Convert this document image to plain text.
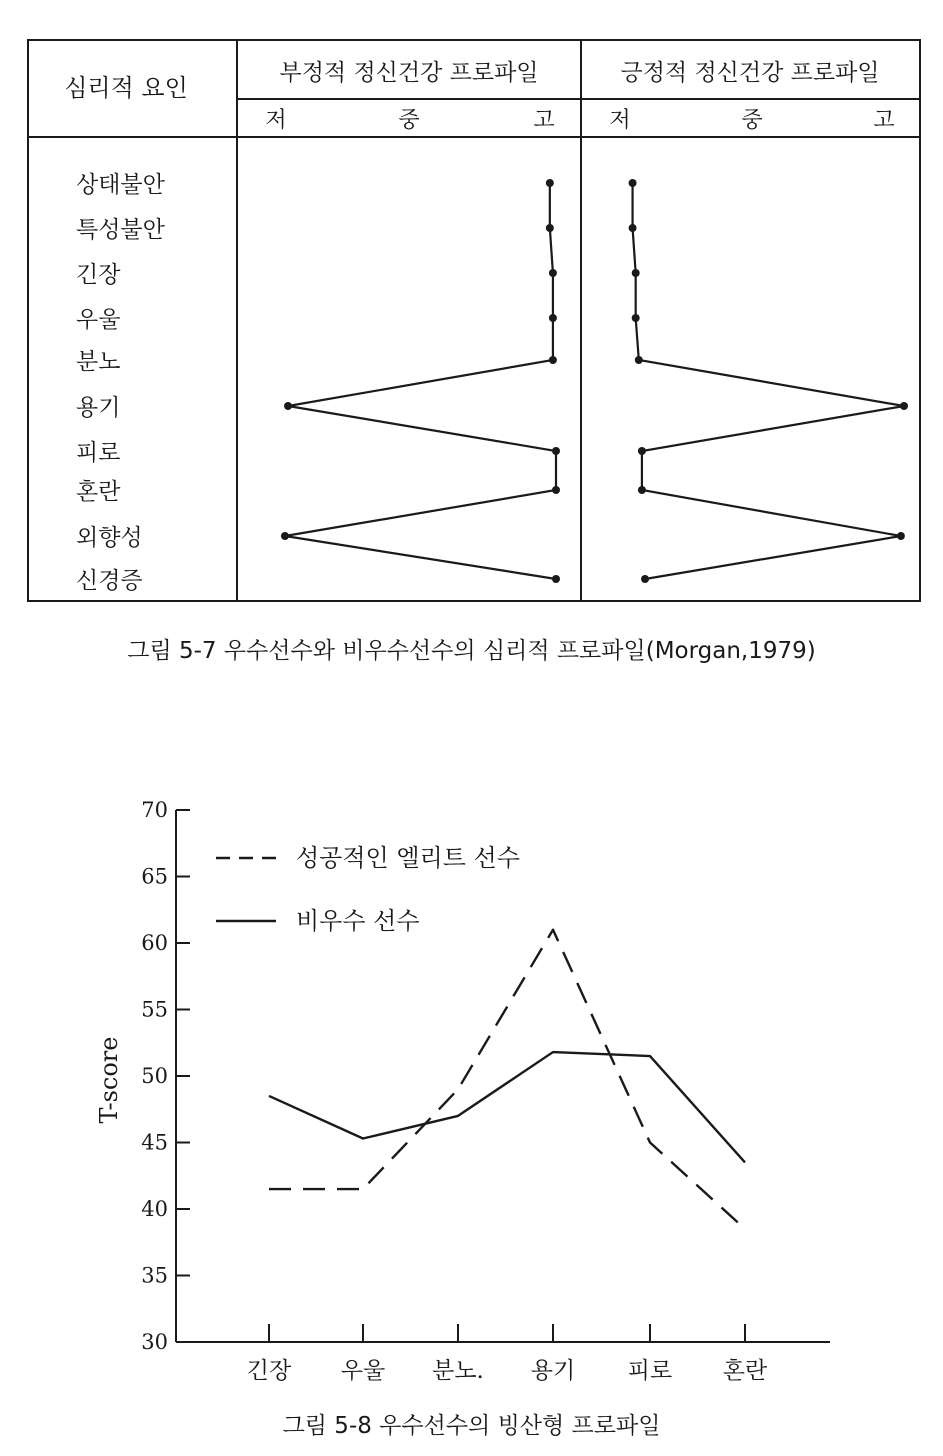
심리적 요인
부정적 정신건강 프로파일	긍정적 정신건강 프로파일
저	중	고 저	중	고
상태불안
특성불안
긴장
우울
분노
용기
피로
혼란
외향성
신경증
그림 5-7 우수선수와 비우수선수의 심리적 프로파일(Morgan,1979)
30
35
40
45
50
55
60
65
70
긴장 우울 분노. 용기 피로 혼란
T-score
성공적인 엘리트 선수
비우수 선수
그림 5-8 우수선수의 빙산형 프로파일
